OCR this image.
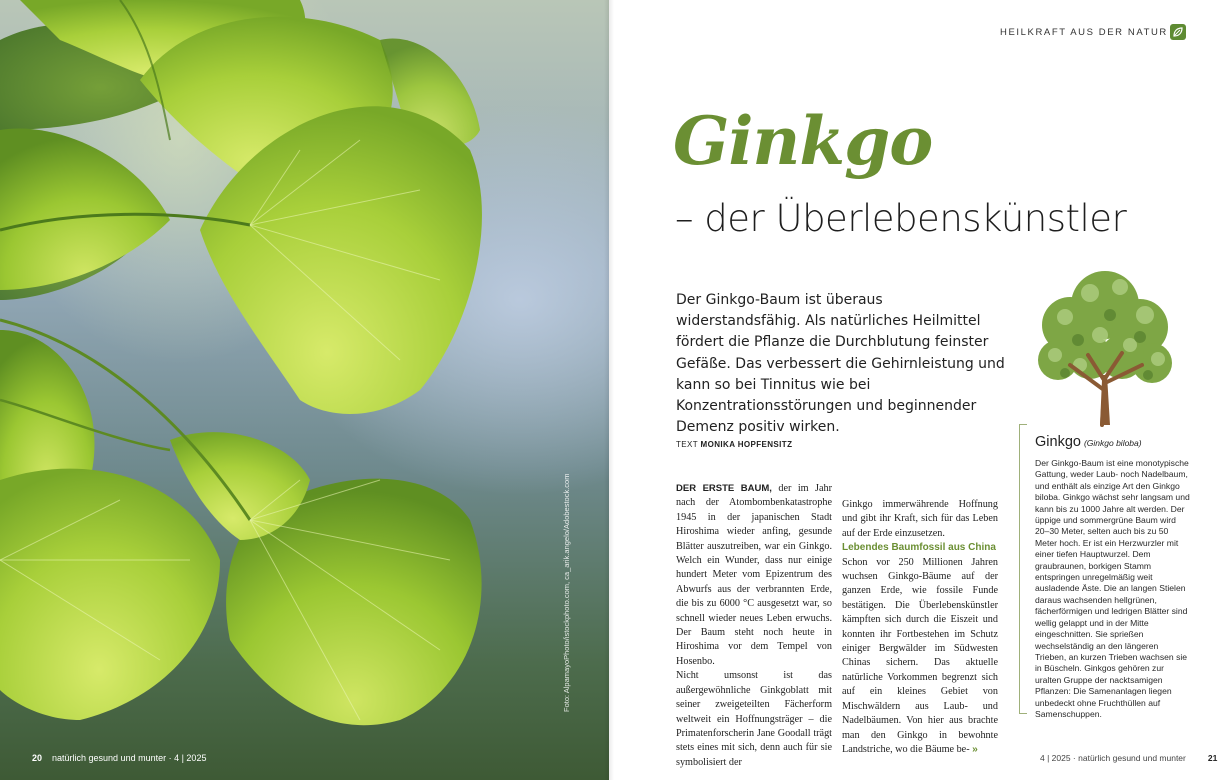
Foto: AlpamayoPhoto/istockphoto.com, ca_arik.angelo/Adobestock.com
20 natürlich gesund und munter · 4 | 2025
HEILKRAFT AUS DER NATUR
Ginkgo
– der Überlebenskünstler
Der Ginkgo-Baum ist überaus widerstandsfähig. Als natürliches Heilmittel fördert die Pflanze die Durchblutung feinster Gefäße. Das verbessert die Gehirnleistung und kann so bei Tinnitus wie bei Konzentrationsstörungen und beginnender Demenz positiv wirken.
TEXT MONIKA HOPFENSITZ

DER ERSTE BAUM, der im Jahr nach der Atombombenkatastrophe 1945 in der japanischen Stadt Hiroshima wieder anfing, gesunde Blätter auszutreiben, war ein Ginkgo. Welch ein Wunder, dass nur einige hundert Meter vom Epizentrum des Abwurfs aus der verbrannten Erde, die bis zu 6000 °C ausgesetzt war, so schnell wieder neues Leben erwuchs. Der Baum steht noch heute in Hiroshima vor dem Tempel von Hosenbo.

Nicht umsonst ist das außergewöhnliche Ginkgoblatt mit seiner zweigeteilten Fächerform weltweit ein Hoffnungsträger – die Primatenforscherin Jane Goodall trägt stets eines mit sich, denn auch für sie symbolisiert der

Ginkgo immerwährende Hoffnung und gibt ihr Kraft, sich für das Leben auf der Erde einzusetzen.

Lebendes Baumfossil aus China

Schon vor 250 Millionen Jahren wuchsen Ginkgo-Bäume auf der ganzen Erde, wie fossile Funde bestätigen. Die Überlebenskünstler kämpften sich durch die Eiszeit und konnten ihr Fortbestehen im Schutz einiger Bergwälder im Südwesten Chinas sichern. Das aktuelle natürliche Vorkommen begrenzt sich auf ein kleines Gebiet von Mischwäldern aus Laub- und Nadelbäumen. Von hier aus brachte man den Ginkgo in bewohnte Landstriche, wo die Bäume be- »

Ginkgo (Ginkgo biloba)
Der Ginkgo-Baum ist eine monotypische Gattung, weder Laub- noch Nadelbaum, und enthält als einzige Art den Ginkgo biloba. Ginkgo wächst sehr langsam und kann bis zu 1000 Jahre alt werden. Der üppige und sommergrüne Baum wird 20–30 Meter, selten auch bis zu 50 Meter hoch. Er ist ein Herzwurzler mit einer tiefen Hauptwurzel. Dem graubraunen, borkigen Stamm entspringen unregelmäßig weit ausladende Äste. Die an langen Stielen daraus wachsenden hellgrünen, fächerförmigen und ledrigen Blätter sind wellig gelappt und in der Mitte eingeschnitten. Sie sprießen wechselständig an den längeren Trieben, an kurzen Trieben wachsen sie in Büscheln. Ginkgos gehören zur uralten Gruppe der nacktsamigen Pflanzen: Die Samenanlagen liegen unbedeckt ohne Fruchthüllen auf Samenschuppen.
4 | 2025 · natürlich gesund und munter	21
